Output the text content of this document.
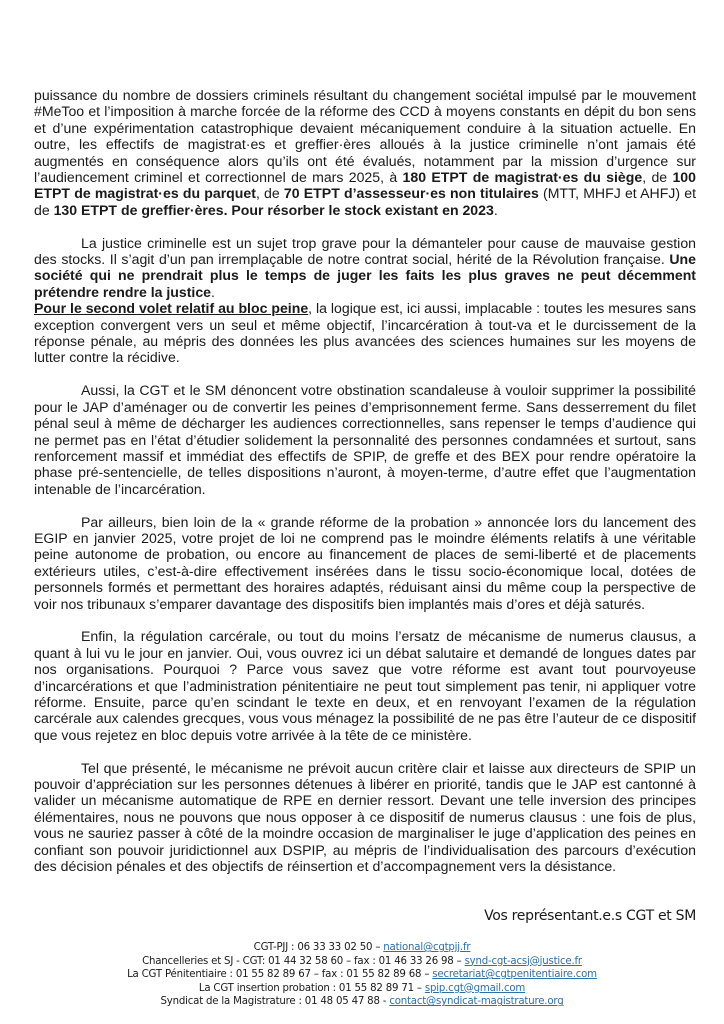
puissance du nombre de dossiers criminels résultant du changement sociétal impulsé par le mouvement #MeToo et l’imposition à marche forcée de la réforme des CCD à moyens constants en dépit du bon sens et d’une expérimentation catastrophique devaient mécaniquement conduire à la situation actuelle. En outre, les effectifs de magistrat·es et greffier·ères alloués à la justice criminelle n’ont jamais été augmentés en conséquence alors qu’ils ont été évalués, notamment par la mission d’urgence sur l’audiencement criminel et correctionnel de mars 2025, à 180 ETPT de magistrat·es du siège, de 100 ETPT de magistrat·es du parquet, de 70 ETPT d’assesseur·es non titulaires (MTT, MHFJ et AHFJ) et de 130 ETPT de greffier·ères. Pour résorber le stock existant en 2023.

La justice criminelle est un sujet trop grave pour la démanteler pour cause de mauvaise gestion des stocks. Il s’agit d’un pan irremplaçable de notre contrat social, hérité de la Révolution française. Une société qui ne prendrait plus le temps de juger les faits les plus graves ne peut décemment prétendre rendre la justice.

Pour le second volet relatif au bloc peine, la logique est, ici aussi, implacable : toutes les mesures sans exception convergent vers un seul et même objectif, l’incarcération à tout-va et le durcissement de la réponse pénale, au mépris des données les plus avancées des sciences humaines sur les moyens de lutter contre la récidive.

Aussi, la CGT et le SM dénoncent votre obstination scandaleuse à vouloir supprimer la possibilité pour le JAP d’aménager ou de convertir les peines d’emprisonnement ferme. Sans desserrement du filet pénal seul à même de décharger les audiences correctionnelles, sans repenser le temps d’audience qui ne permet pas en l’état d’étudier solidement la personnalité des personnes condamnées et surtout, sans renforcement massif et immédiat des effectifs de SPIP, de greffe et des BEX pour rendre opératoire la phase pré-sentencielle, de telles dispositions n’auront, à moyen-terme, d’autre effet que l’augmentation intenable de l’incarcération.

Par ailleurs, bien loin de la « grande réforme de la probation » annoncée lors du lancement des EGIP en janvier 2025, votre projet de loi ne comprend pas le moindre éléments relatifs à une véritable peine autonome de probation, ou encore au financement de places de semi-liberté et de placements extérieurs utiles, c’est-à-dire effectivement insérées dans le tissu socio-économique local, dotées de personnels formés et permettant des horaires adaptés, réduisant ainsi du même coup la perspective de voir nos tribunaux s’emparer davantage des dispositifs bien implantés mais d’ores et déjà saturés.

Enfin, la régulation carcérale, ou tout du moins l’ersatz de mécanisme de numerus clausus, a quant à lui vu le jour en janvier. Oui, vous ouvrez ici un débat salutaire et demandé de longues dates par nos organisations. Pourquoi ? Parce vous savez que votre réforme est avant tout pourvoyeuse d’incarcérations et que l’administration pénitentiaire ne peut tout simplement pas tenir, ni appliquer votre réforme. Ensuite, parce qu’en scindant le texte en deux, et en renvoyant l’examen de la régulation carcérale aux calendes grecques, vous vous ménagez la possibilité de ne pas être l’auteur de ce dispositif que vous rejetez en bloc depuis votre arrivée à la tête de ce ministère.

Tel que présenté, le mécanisme ne prévoit aucun critère clair et laisse aux directeurs de SPIP un pouvoir d’appréciation sur les personnes détenues à libérer en priorité, tandis que le JAP est cantonné à valider un mécanisme automatique de RPE en dernier ressort. Devant une telle inversion des principes élémentaires, nous ne pouvons que nous opposer à ce dispositif de numerus clausus : une fois de plus, vous ne sauriez passer à côté de la moindre occasion de marginaliser le juge d’application des peines en confiant son pouvoir juridictionnel aux DSPIP, au mépris de l’individualisation des parcours d’exécution des décision pénales et des objectifs de réinsertion et d’accompagnement vers la désistance.

Vos représentant.e.s CGT et SM
CGT-PJJ : 06 33 33 02 50 – national@cgtpjj.fr
Chancelleries et SJ - CGT: 01 44 32 58 60 – fax : 01 46 33 26 98 – synd-cgt-acsj@justice.fr
La CGT Pénitentiaire : 01 55 82 89 67 – fax : 01 55 82 89 68 – secretariat@cgtpenitentiaire.com
La CGT insertion probation : 01 55 82 89 71 – spip.cgt@gmail.com
Syndicat de la Magistrature : 01 48 05 47 88 - contact@syndicat-magistrature.org
